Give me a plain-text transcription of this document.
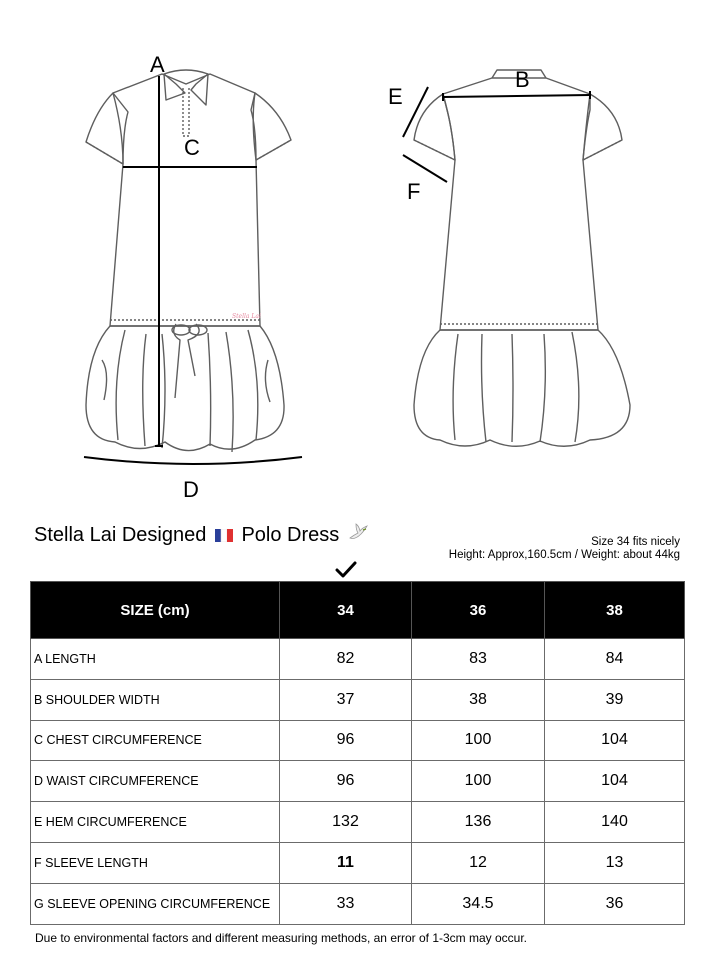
Stella Lai
A
C
D
B
E
F
Stella Lai Designed Polo Dress	Size 34 fits nicely
Height: Approx,160.5cm / Weight: about 44kg
SIZE (cm)	34	36	38
A LENGTH	82	83	84
B SHOULDER WIDTH	37	38	39
C CHEST CIRCUMFERENCE	96	100	104
D WAIST CIRCUMFERENCE	96	100	104
E HEM CIRCUMFERENCE	132	136	140
F SLEEVE LENGTH	11	12	13
G SLEEVE OPENING CIRCUMFERENCE	33	34.5	36
Due to environmental factors and different measuring methods, an error of 1-3cm may occur.
